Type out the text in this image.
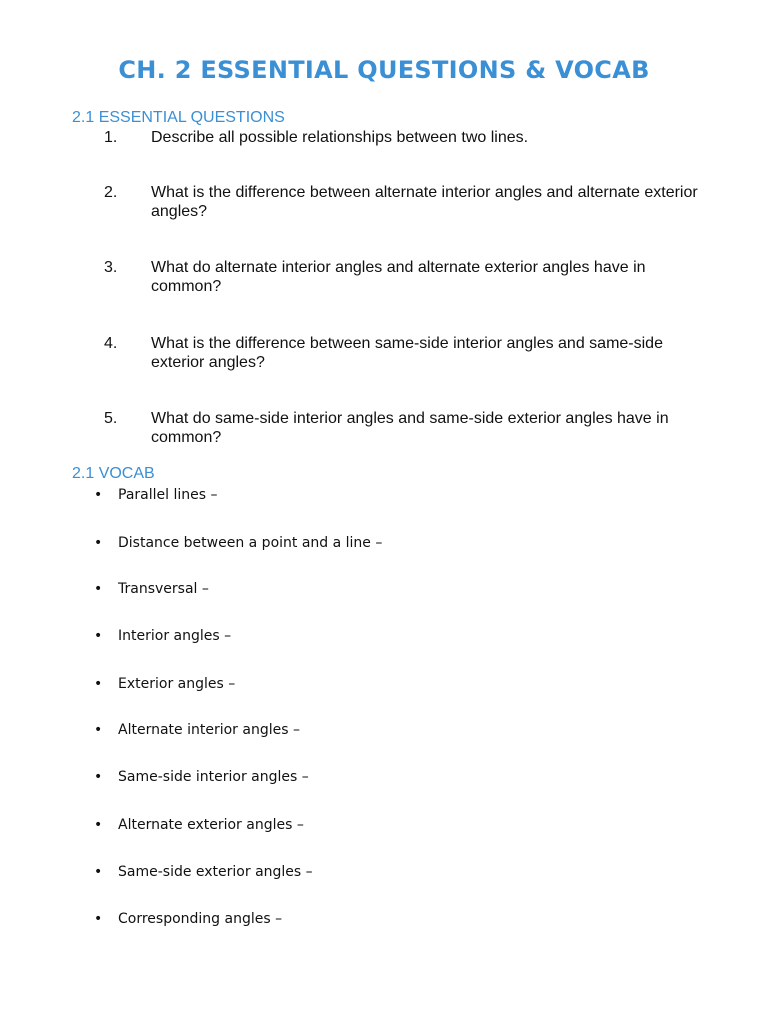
CH. 2 ESSENTIAL QUESTIONS & VOCAB
2.1 ESSENTIAL QUESTIONS
1.	Describe all possible relationships between two lines.
2.	What is the difference between alternate interior angles and alternate exterior angles?
3.	What do alternate interior angles and alternate exterior angles have in common?
4.	What is the difference between same-side interior angles and same-side exterior angles?
5.	What do same-side interior angles and same-side exterior angles have in common?
2.1 VOCAB
• Parallel lines –
• Distance between a point and a line –
• Transversal –
• Interior angles –
• Exterior angles –
• Alternate interior angles –
• Same-side interior angles –
• Alternate exterior angles –
• Same-side exterior angles –
• Corresponding angles –
